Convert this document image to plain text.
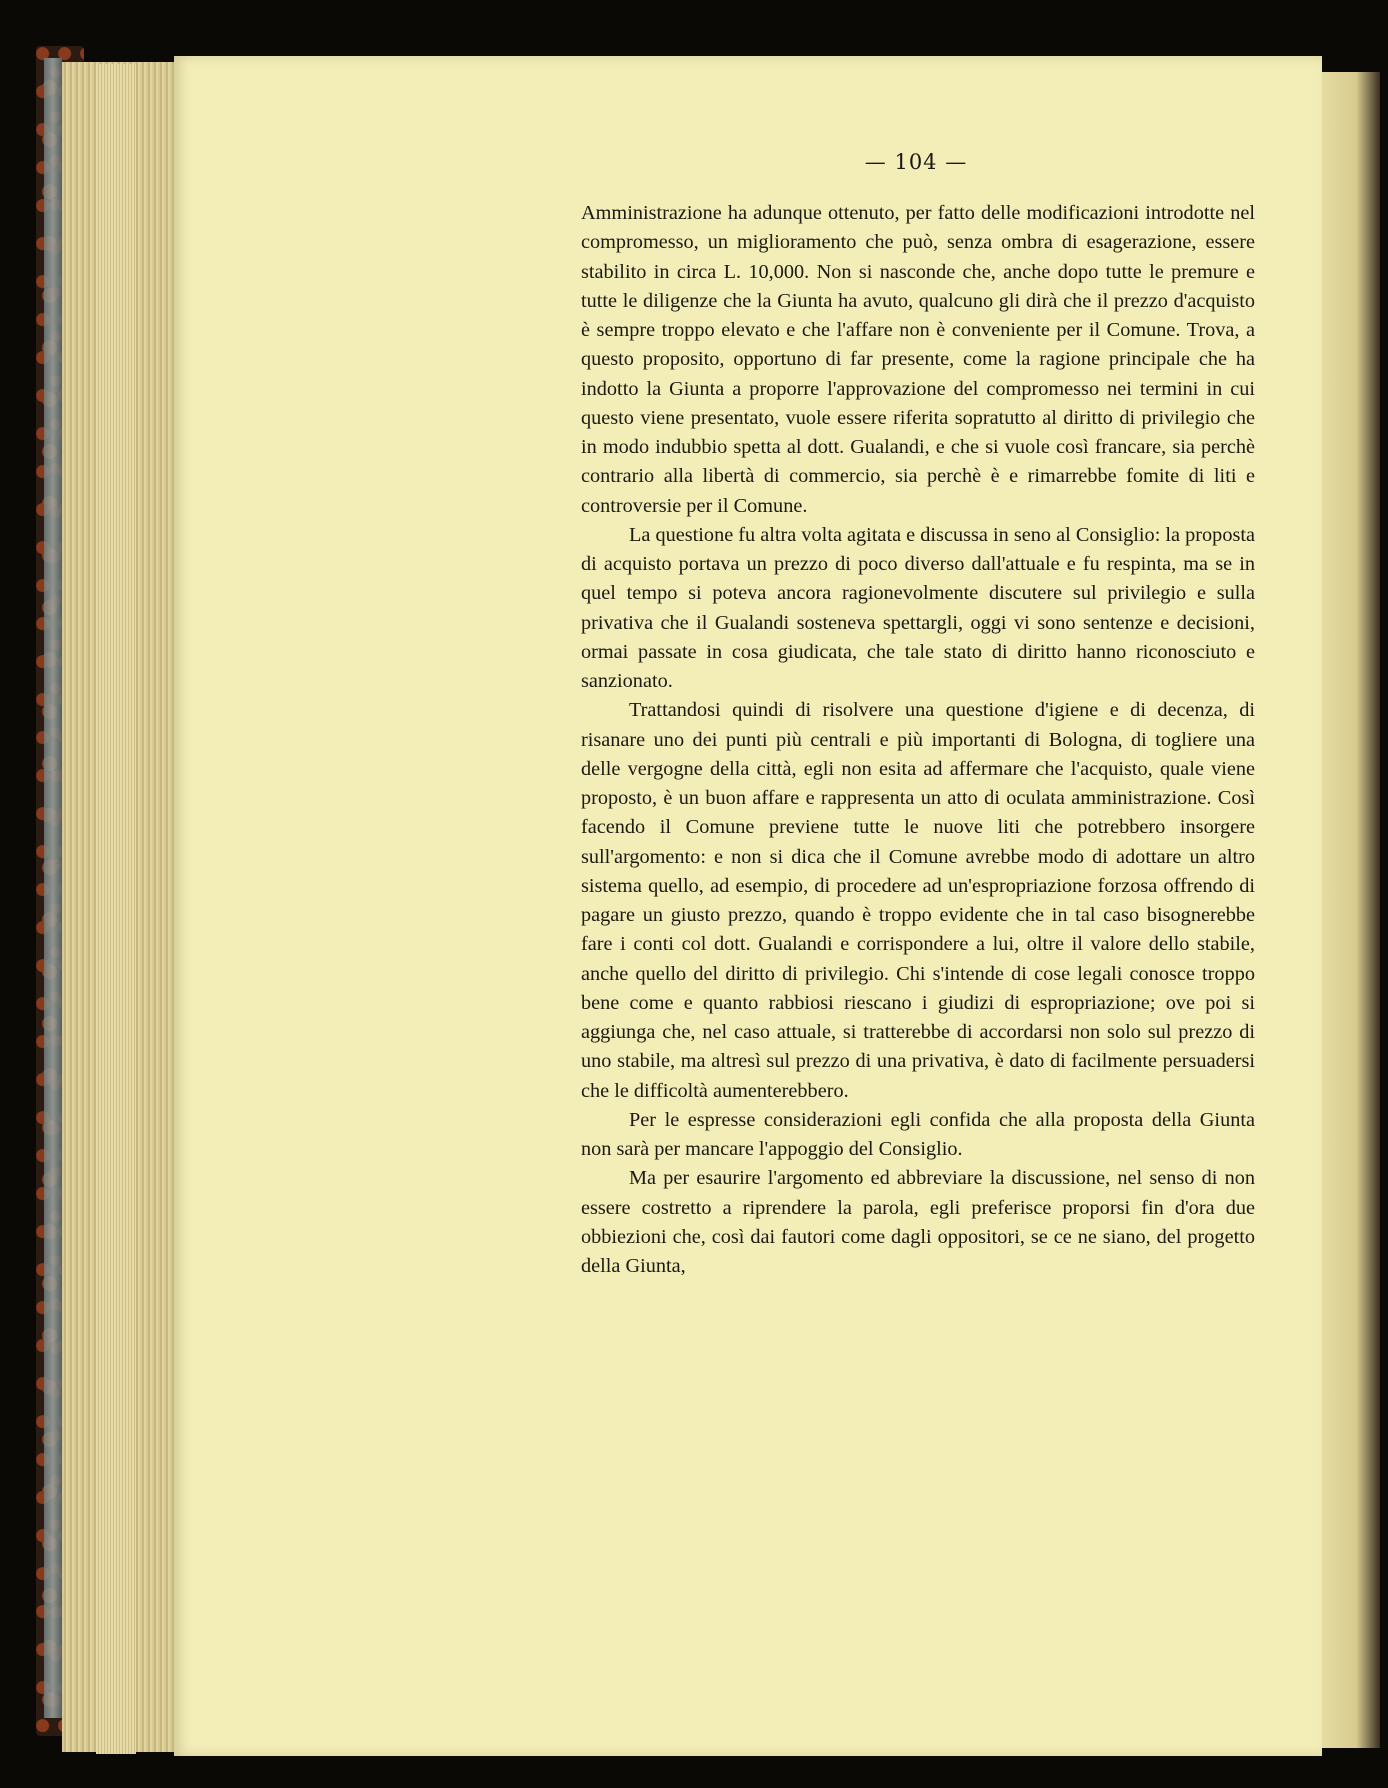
— 104 —

Amministrazione ha adunque ottenuto, per fatto delle modificazioni introdotte nel compromesso, un miglioramento che può, senza ombra di esagerazione, essere stabilito in circa L. 10,000. Non si nasconde che, anche dopo tutte le premure e tutte le diligenze che la Giunta ha avuto, qualcuno gli dirà che il prezzo d'acquisto è sempre troppo elevato e che l'affare non è conveniente per il Comune. Trova, a questo proposito, opportuno di far presente, come la ragione principale che ha indotto la Giunta a proporre l'approvazione del compromesso nei termini in cui questo viene presentato, vuole essere riferita sopratutto al diritto di privilegio che in modo indubbio spetta al dott. Gualandi, e che si vuole così francare, sia perchè contrario alla libertà di commercio, sia perchè è e rimarrebbe fomite di liti e controversie per il Comune.

La questione fu altra volta agitata e discussa in seno al Consiglio: la proposta di acquisto portava un prezzo di poco diverso dall'attuale e fu respinta, ma se in quel tempo si poteva ancora ragionevolmente discutere sul privilegio e sulla privativa che il Gualandi sosteneva spettargli, oggi vi sono sentenze e decisioni, ormai passate in cosa giudicata, che tale stato di diritto hanno riconosciuto e sanzionato.

Trattandosi quindi di risolvere una questione d'igiene e di decenza, di risanare uno dei punti più centrali e più importanti di Bologna, di togliere una delle vergogne della città, egli non esita ad affermare che l'acquisto, quale viene proposto, è un buon affare e rappresenta un atto di oculata amministrazione. Così facendo il Comune previene tutte le nuove liti che potrebbero insorgere sull'argomento: e non si dica che il Comune avrebbe modo di adottare un altro sistema quello, ad esempio, di procedere ad un'espropriazione forzosa offrendo di pagare un giusto prezzo, quando è troppo evidente che in tal caso bisognerebbe fare i conti col dott. Gualandi e corrispondere a lui, oltre il valore dello stabile, anche quello del diritto di privilegio. Chi s'intende di cose legali conosce troppo bene come e quanto rabbiosi riescano i giudizi di espropriazione; ove poi si aggiunga che, nel caso attuale, si tratterebbe di accordarsi non solo sul prezzo di uno stabile, ma altresì sul prezzo di una privativa, è dato di facilmente persuadersi che le difficoltà aumenterebbero.

Per le espresse considerazioni egli confida che alla proposta della Giunta non sarà per mancare l'appoggio del Consiglio.

Ma per esaurire l'argomento ed abbreviare la discussione, nel senso di non essere costretto a riprendere la parola, egli preferisce proporsi fin d'ora due obbiezioni che, così dai fautori come dagli oppositori, se ce ne siano, del progetto della Giunta,
